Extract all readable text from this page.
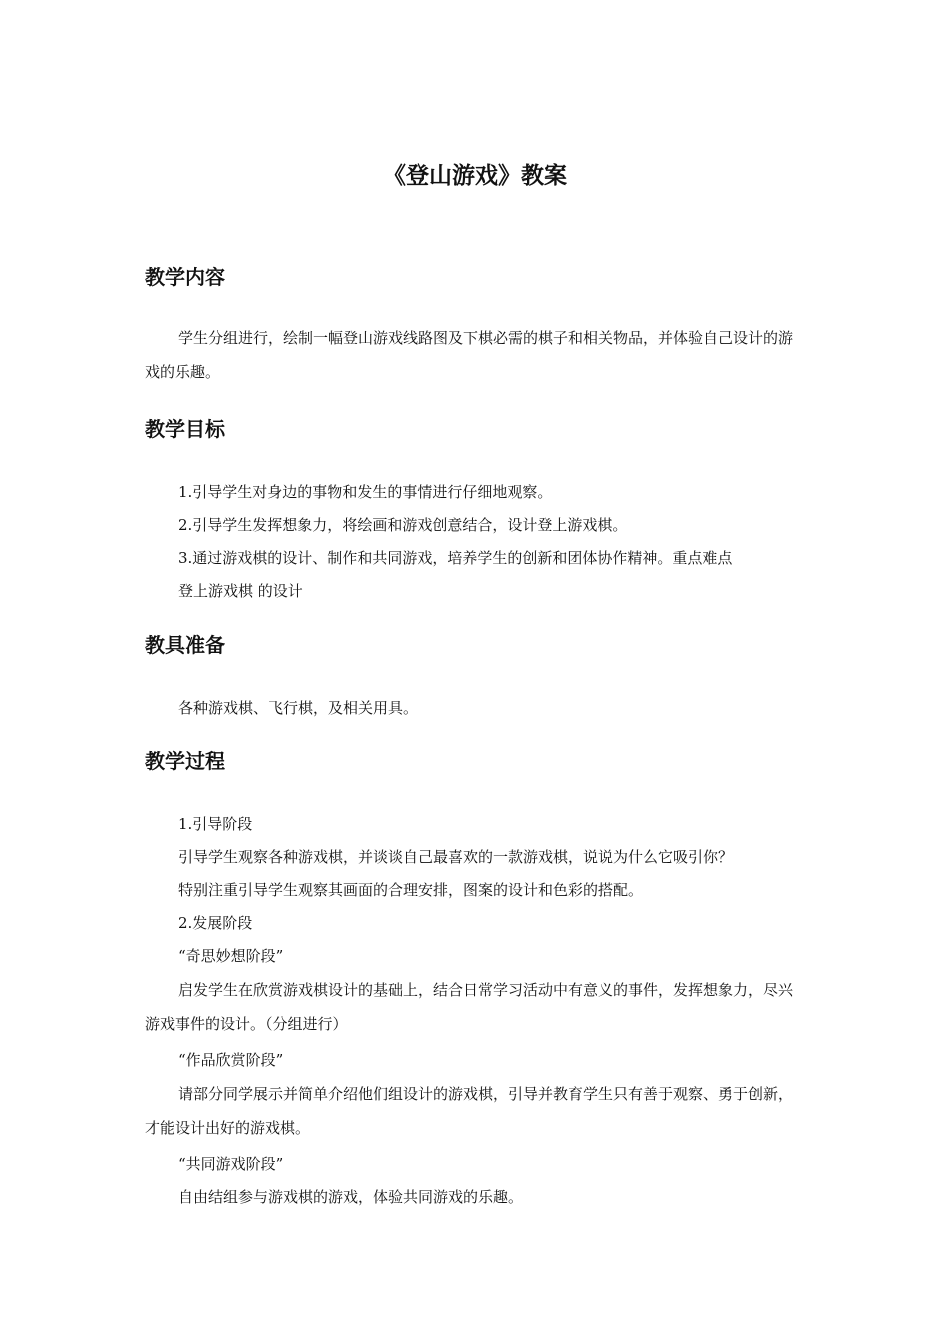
《登山游戏》教案
教学内容

学生分组进行，绘制一幅登山游戏线路图及下棋必需的棋子和相关物品，并体验自己设计的游戏的乐趣。

教学目标

1.引导学生对身边的事物和发生的事情进行仔细地观察。

2.引导学生发挥想象力，将绘画和游戏创意结合，设计登上游戏棋。

3.通过游戏棋的设计、制作和共同游戏，培养学生的创新和团体协作精神。重点难点

登上游戏棋 的设计

教具准备

各种游戏棋、飞行棋，及相关用具。

教学过程

1.引导阶段

引导学生观察各种游戏棋，并谈谈自己最喜欢的一款游戏棋，说说为什么它吸引你？

特别注重引导学生观察其画面的合理安排，图案的设计和色彩的搭配。

2.发展阶段

“奇思妙想阶段”

启发学生在欣赏游戏棋设计的基础上，结合日常学习活动中有意义的事件，发挥想象力，尽兴游戏事件的设计。（分组进行）

“作品欣赏阶段”

请部分同学展示并简单介绍他们组设计的游戏棋，引导并教育学生只有善于观察、勇于创新，才能设计出好的游戏棋。

“共同游戏阶段”

自由结组参与游戏棋的游戏，体验共同游戏的乐趣。
